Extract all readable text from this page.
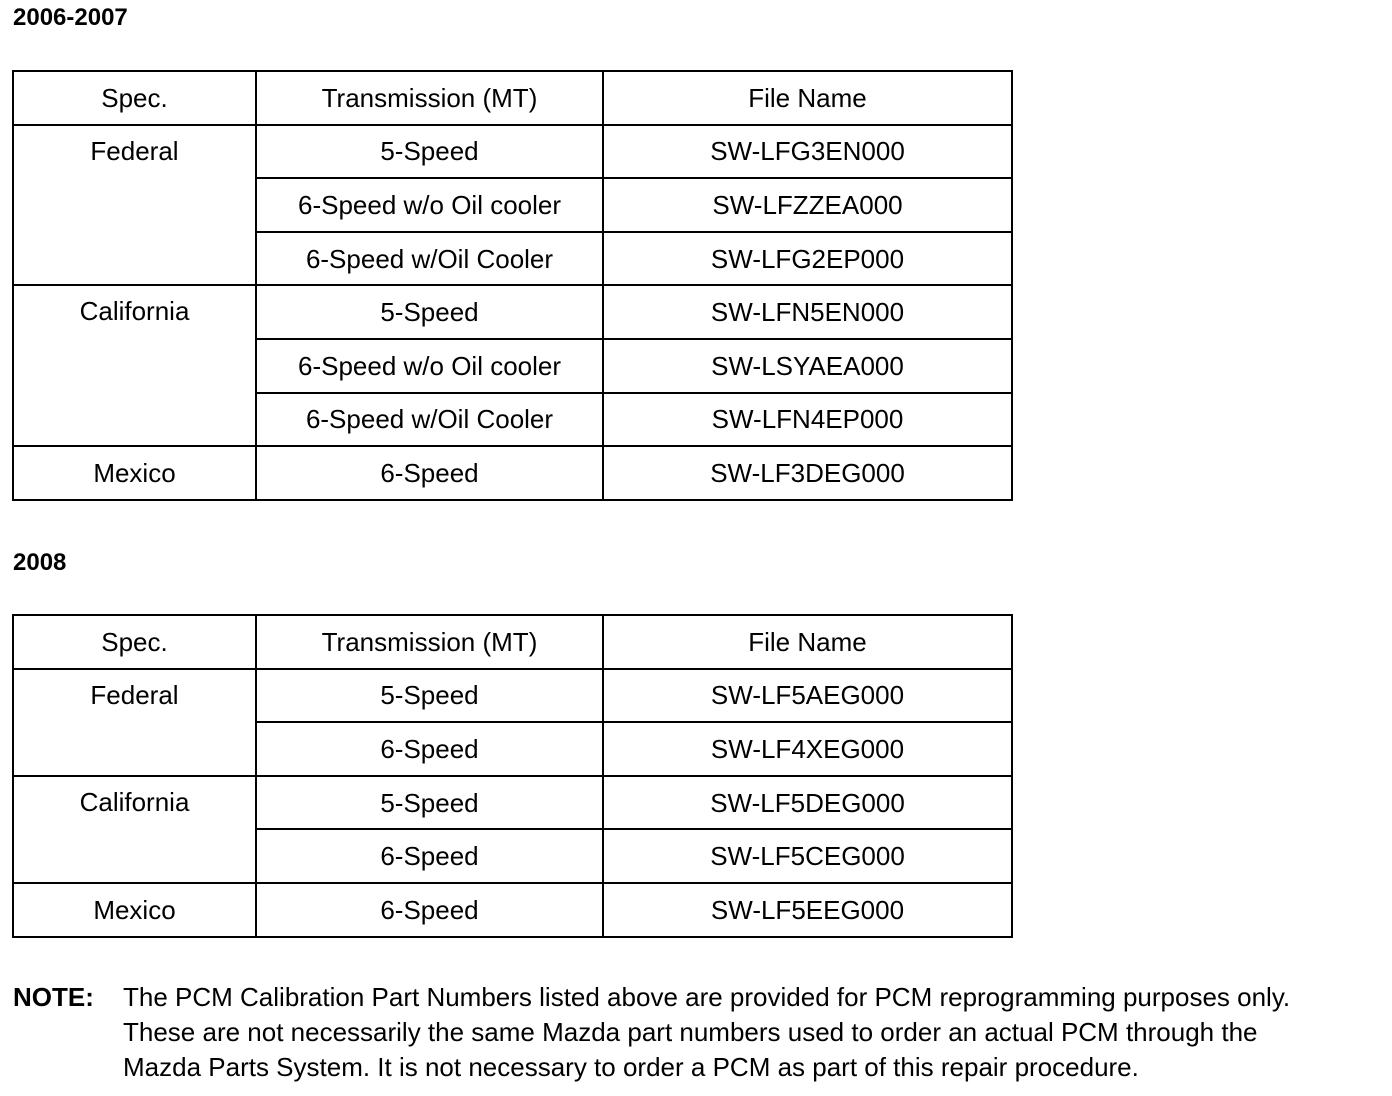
2006-2007
Spec.	Transmission (MT)	File Name
Federal	5-Speed	SW-LFG3EN000
	6-Speed w/o Oil cooler	SW-LFZZEA000
	6-Speed w/Oil Cooler	SW-LFG2EP000
California	5-Speed	SW-LFN5EN000
	6-Speed w/o Oil cooler	SW-LSYAEA000
	6-Speed w/Oil Cooler	SW-LFN4EP000
Mexico	6-Speed	SW-LF3DEG000
2008
Spec.	Transmission (MT)	File Name
Federal	5-Speed	SW-LF5AEG000
	6-Speed	SW-LF4XEG000
California	5-Speed	SW-LF5DEG000
	6-Speed	SW-LF5CEG000
Mexico	6-Speed	SW-LF5EEG000
NOTE: The PCM Calibration Part Numbers listed above are provided for PCM reprogramming purposes only.
These are not necessarily the same Mazda part numbers used to order an actual PCM through the
Mazda Parts System. It is not necessary to order a PCM as part of this repair procedure.
